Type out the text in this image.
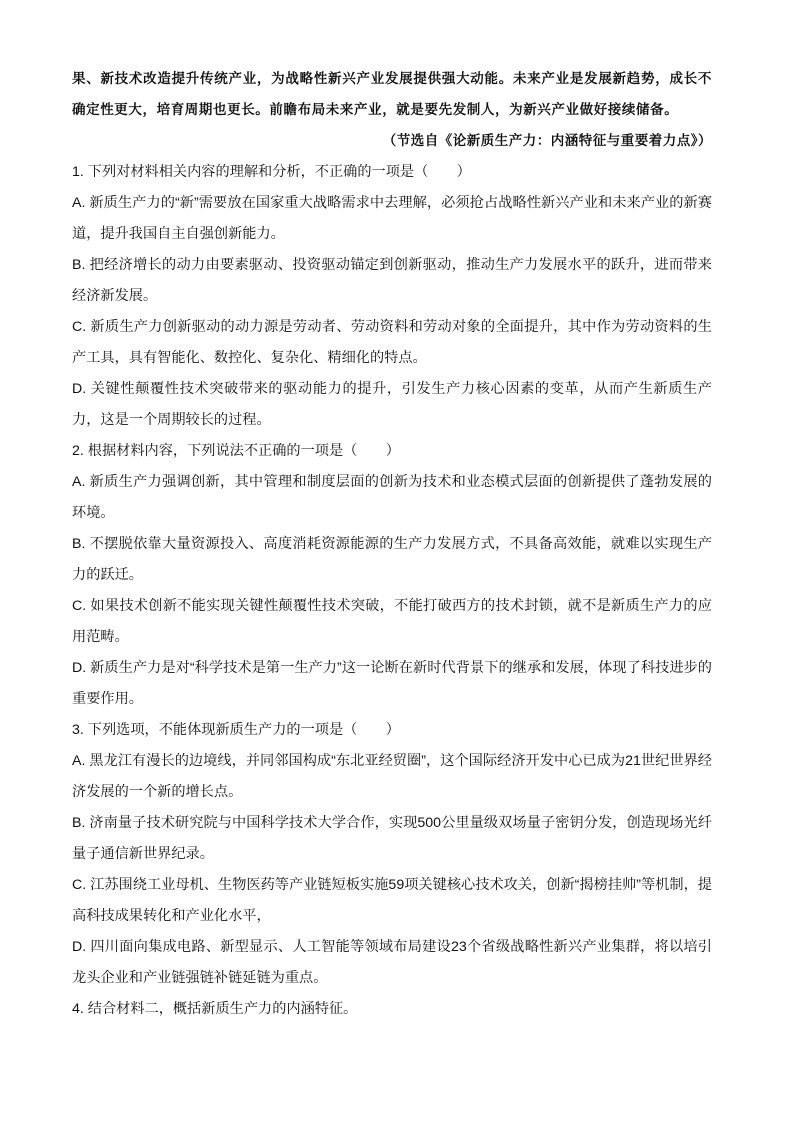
果、新技术改造提升传统产业，为战略性新兴产业发展提供强大动能。未来产业是发展新趋势，成长不确定性更大，培育周期也更长。前瞻布局未来产业，就是要先发制人，为新兴产业做好接续储备。

（节选自《论新质生产力：内涵特征与重要着力点》）

1. 下列对材料相关内容的理解和分析，不正确的一项是（　　）

A. 新质生产力的“新”需要放在国家重大战略需求中去理解，必须抢占战略性新兴产业和未来产业的新赛道，提升我国自主自强创新能力。

B. 把经济增长的动力由要素驱动、投资驱动锚定到创新驱动，推动生产力发展水平的跃升，进而带来经济新发展。

C. 新质生产力创新驱动的动力源是劳动者、劳动资料和劳动对象的全面提升，其中作为劳动资料的生产工具，具有智能化、数控化、复杂化、精细化的特点。

D. 关键性颠覆性技术突破带来的驱动能力的提升，引发生产力核心因素的变革，从而产生新质生产力，这是一个周期较长的过程。

2. 根据材料内容，下列说法不正确的一项是（　　）

A. 新质生产力强调创新，其中管理和制度层面的创新为技术和业态模式层面的创新提供了蓬勃发展的环境。

B. 不摆脱依靠大量资源投入、高度消耗资源能源的生产力发展方式，不具备高效能，就难以实现生产力的跃迁。

C. 如果技术创新不能实现关键性颠覆性技术突破，不能打破西方的技术封锁，就不是新质生产力的应用范畴。

D. 新质生产力是对“科学技术是第一生产力”这一论断在新时代背景下的继承和发展，体现了科技进步的重要作用。

3. 下列选项，不能体现新质生产力的一项是（　　）

A. 黑龙江有漫长的边境线，并同邻国构成“东北亚经贸圈”，这个国际经济开发中心已成为21世纪世界经济发展的一个新的增长点。

B. 济南量子技术研究院与中国科学技术大学合作，实现500公里量级双场量子密钥分发，创造现场光纤量子通信新世界纪录。

C. 江苏围绕工业母机、生物医药等产业链短板实施59项关键核心技术攻关，创新“揭榜挂帅”等机制，提高科技成果转化和产业化水平，

D. 四川面向集成电路、新型显示、人工智能等领域布局建设23个省级战略性新兴产业集群，将以培引龙头企业和产业链强链补链延链为重点。

4. 结合材料二，概括新质生产力的内涵特征。
